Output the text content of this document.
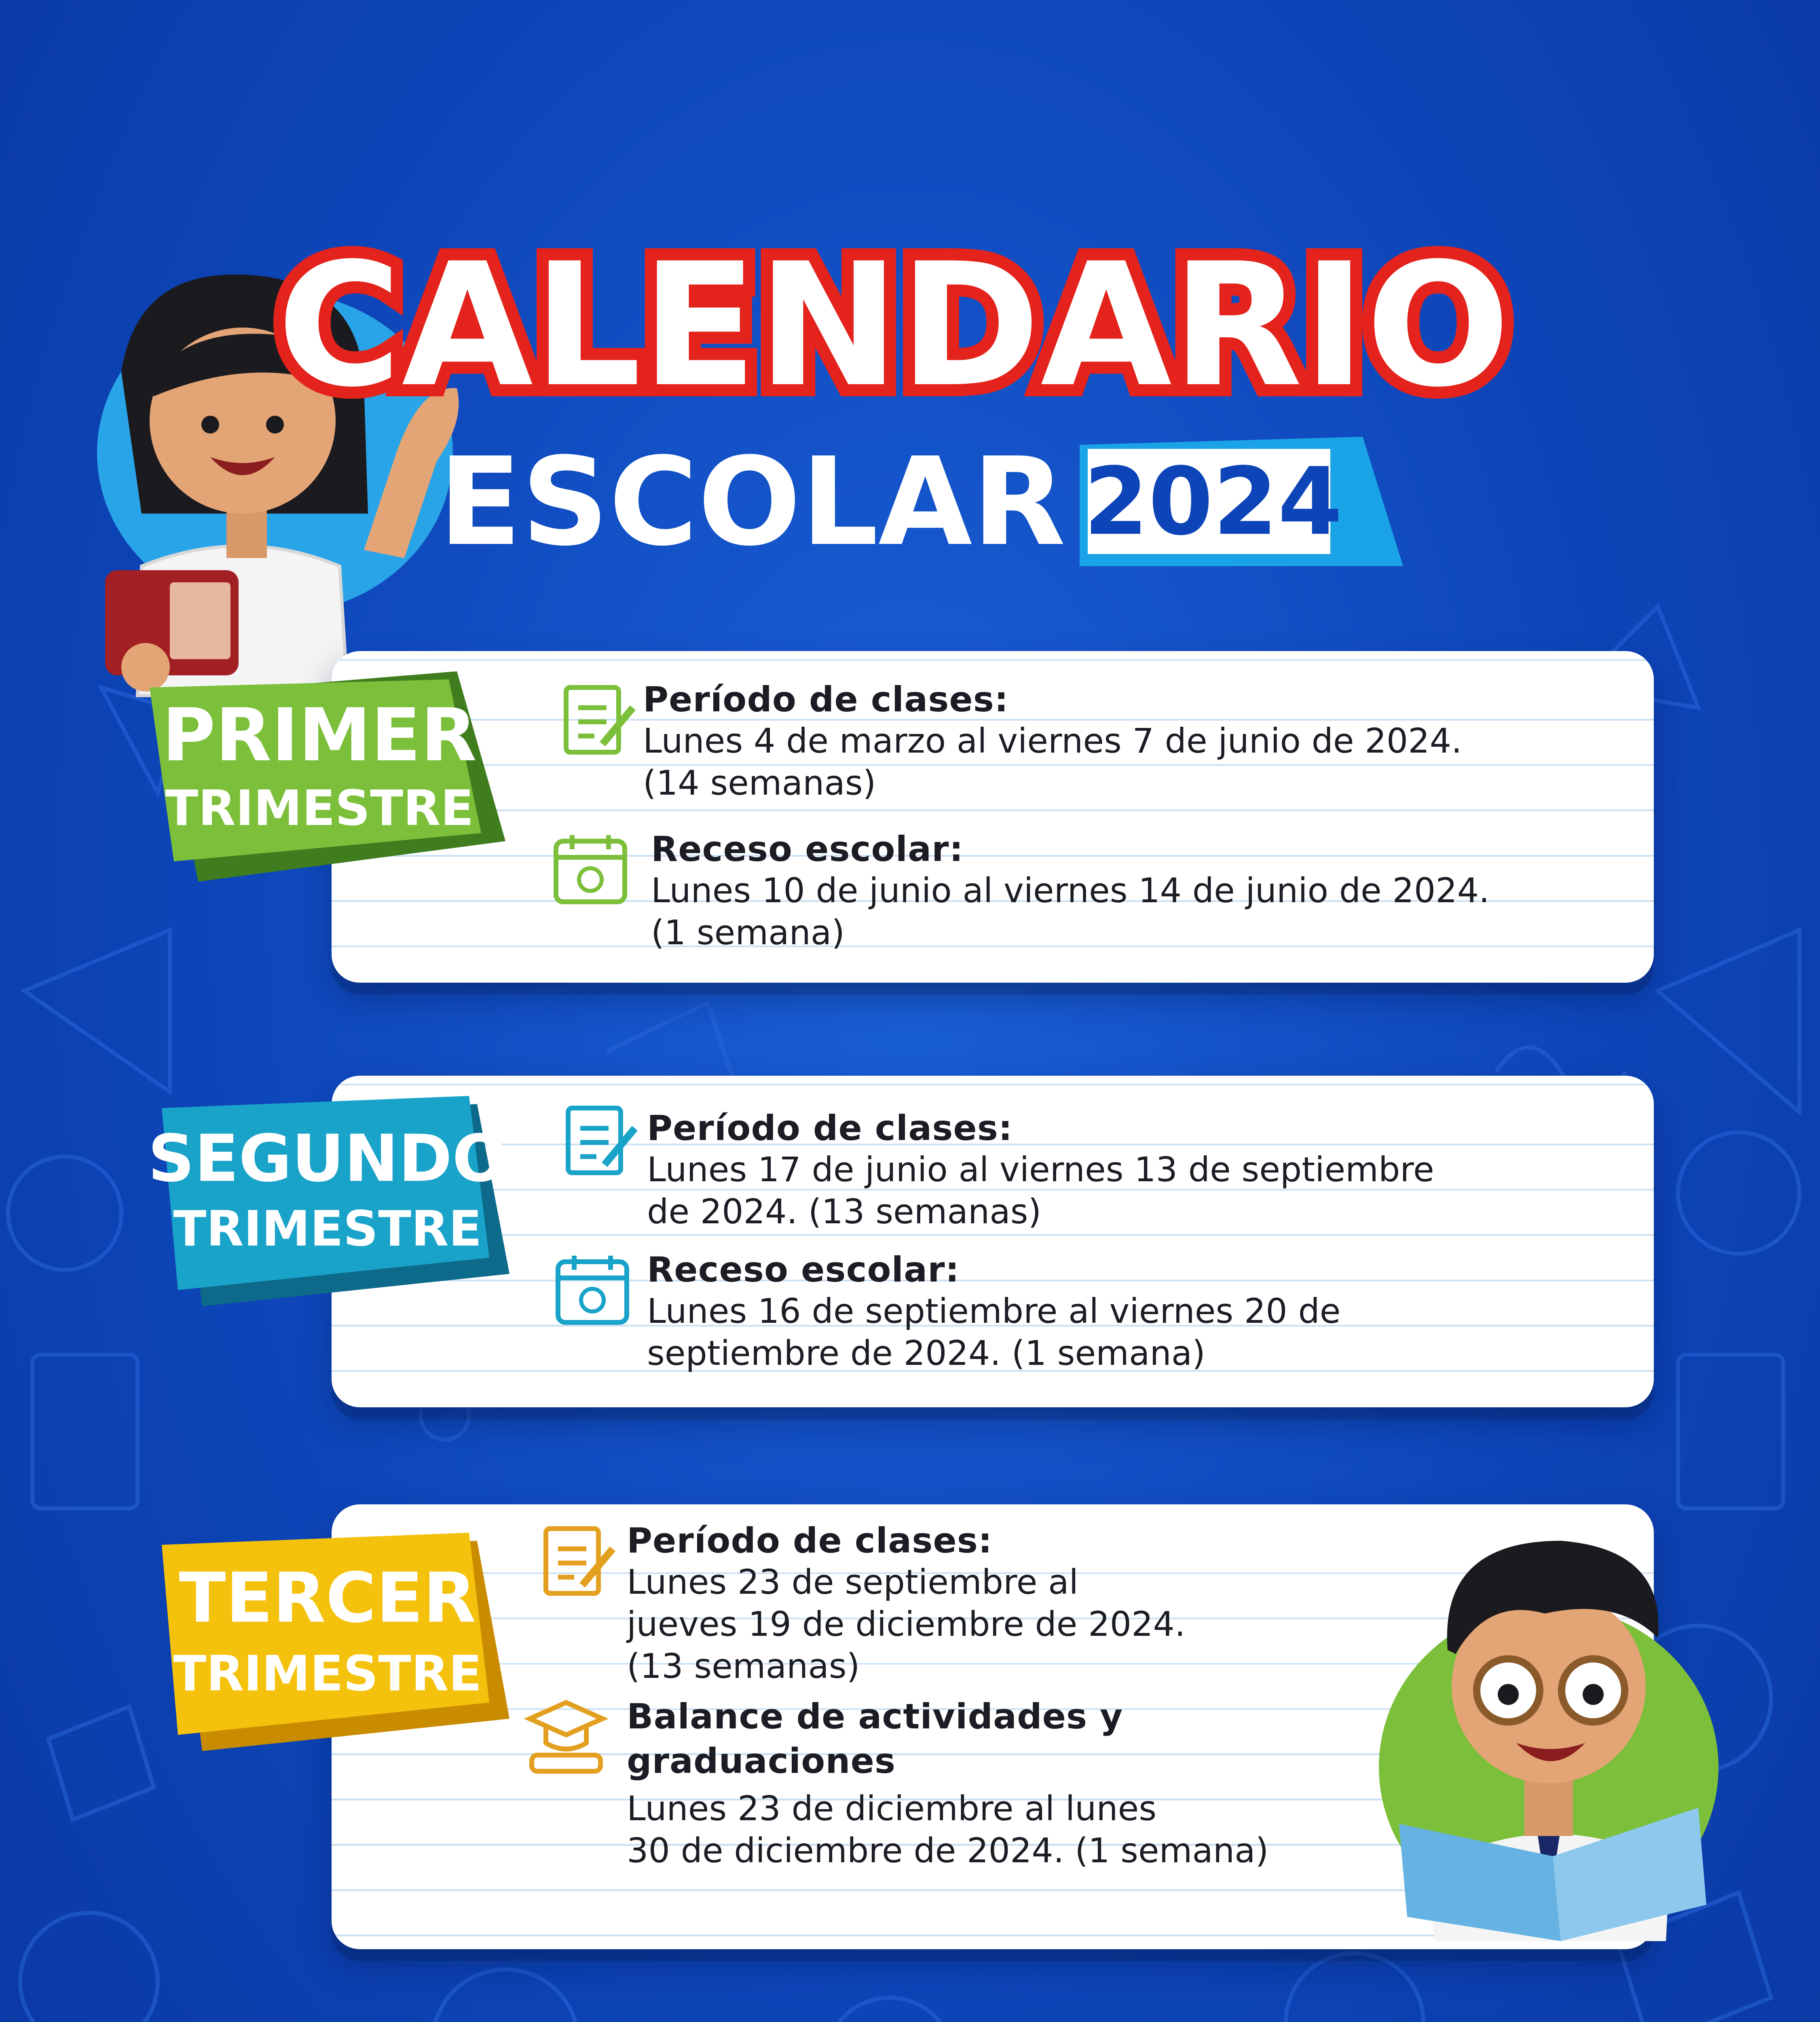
CALENDARIO
ESCOLAR 2024
PRIMER
TRIMESTRE
Período de clases:
Lunes 4 de marzo al viernes 7 de junio de 2024.
(14 semanas)
Receso escolar:
Lunes 10 de junio al viernes 14 de junio de 2024.
(1 semana)
SEGUNDO
TRIMESTRE
Período de clases:
Lunes 17 de junio al viernes 13 de septiembre
de 2024. (13 semanas)
Receso escolar:
Lunes 16 de septiembre al viernes 20 de
septiembre de 2024. (1 semana)
TERCER
TRIMESTRE
Período de clases:
Lunes 23 de septiembre al
jueves 19 de diciembre de 2024.
(13 semanas)
Balance de actividades y graduaciones
Lunes 23 de diciembre al lunes
30 de diciembre de 2024. (1 semana)
